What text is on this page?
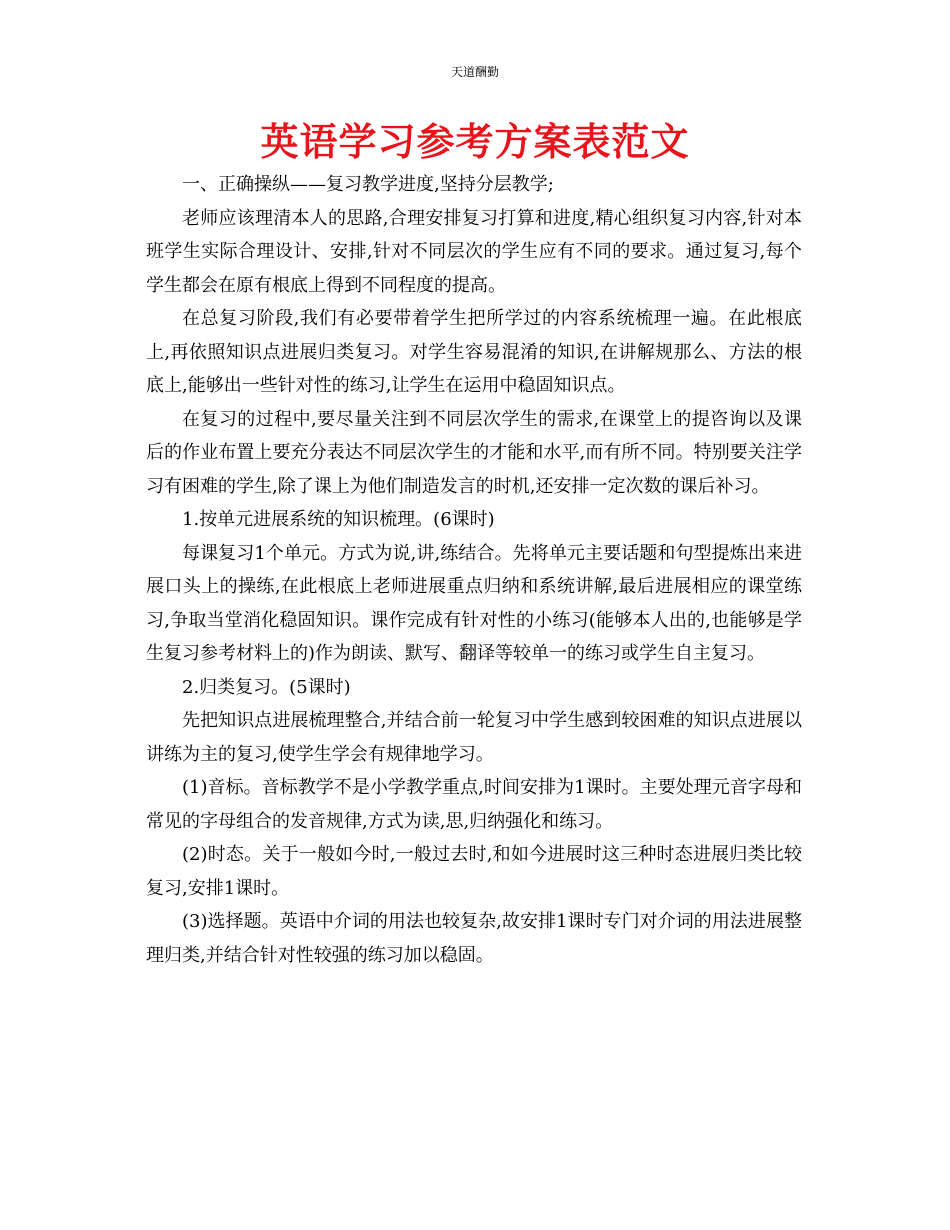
天道酬勤
英语学习参考方案表范文

一、正确操纵——复习教学进度,坚持分层教学;

老师应该理清本人的思路,合理安排复习打算和进度,精心组织复习内容,针对本班学生实际合理设计、安排,针对不同层次的学生应有不同的要求。通过复习,每个学生都会在原有根底上得到不同程度的提高。

在总复习阶段,我们有必要带着学生把所学过的内容系统梳理一遍。在此根底上,再依照知识点进展归类复习。对学生容易混淆的知识,在讲解规那么、方法的根底上,能够出一些针对性的练习,让学生在运用中稳固知识点。

在复习的过程中,要尽量关注到不同层次学生的需求,在课堂上的提咨询以及课后的作业布置上要充分表达不同层次学生的才能和水平,而有所不同。特别要关注学习有困难的学生,除了课上为他们制造发言的时机,还安排一定次数的课后补习。

1.按单元进展系统的知识梳理。(6课时)

每课复习1个单元。方式为说,讲,练结合。先将单元主要话题和句型提炼出来进展口头上的操练,在此根底上老师进展重点归纳和系统讲解,最后进展相应的课堂练习,争取当堂消化稳固知识。课作完成有针对性的小练习(能够本人出的,也能够是学生复习参考材料上的)作为朗读、默写、翻译等较单一的练习或学生自主复习。

2.归类复习。(5课时)

先把知识点进展梳理整合,并结合前一轮复习中学生感到较困难的知识点进展以讲练为主的复习,使学生学会有规律地学习。

(1)音标。音标教学不是小学教学重点,时间安排为1课时。主要处理元音字母和常见的字母组合的发音规律,方式为读,思,归纳强化和练习。

(2)时态。关于一般如今时,一般过去时,和如今进展时这三种时态进展归类比较复习,安排1课时。

(3)选择题。英语中介词的用法也较复杂,故安排1课时专门对介词的用法进展整理归类,并结合针对性较强的练习加以稳固。
